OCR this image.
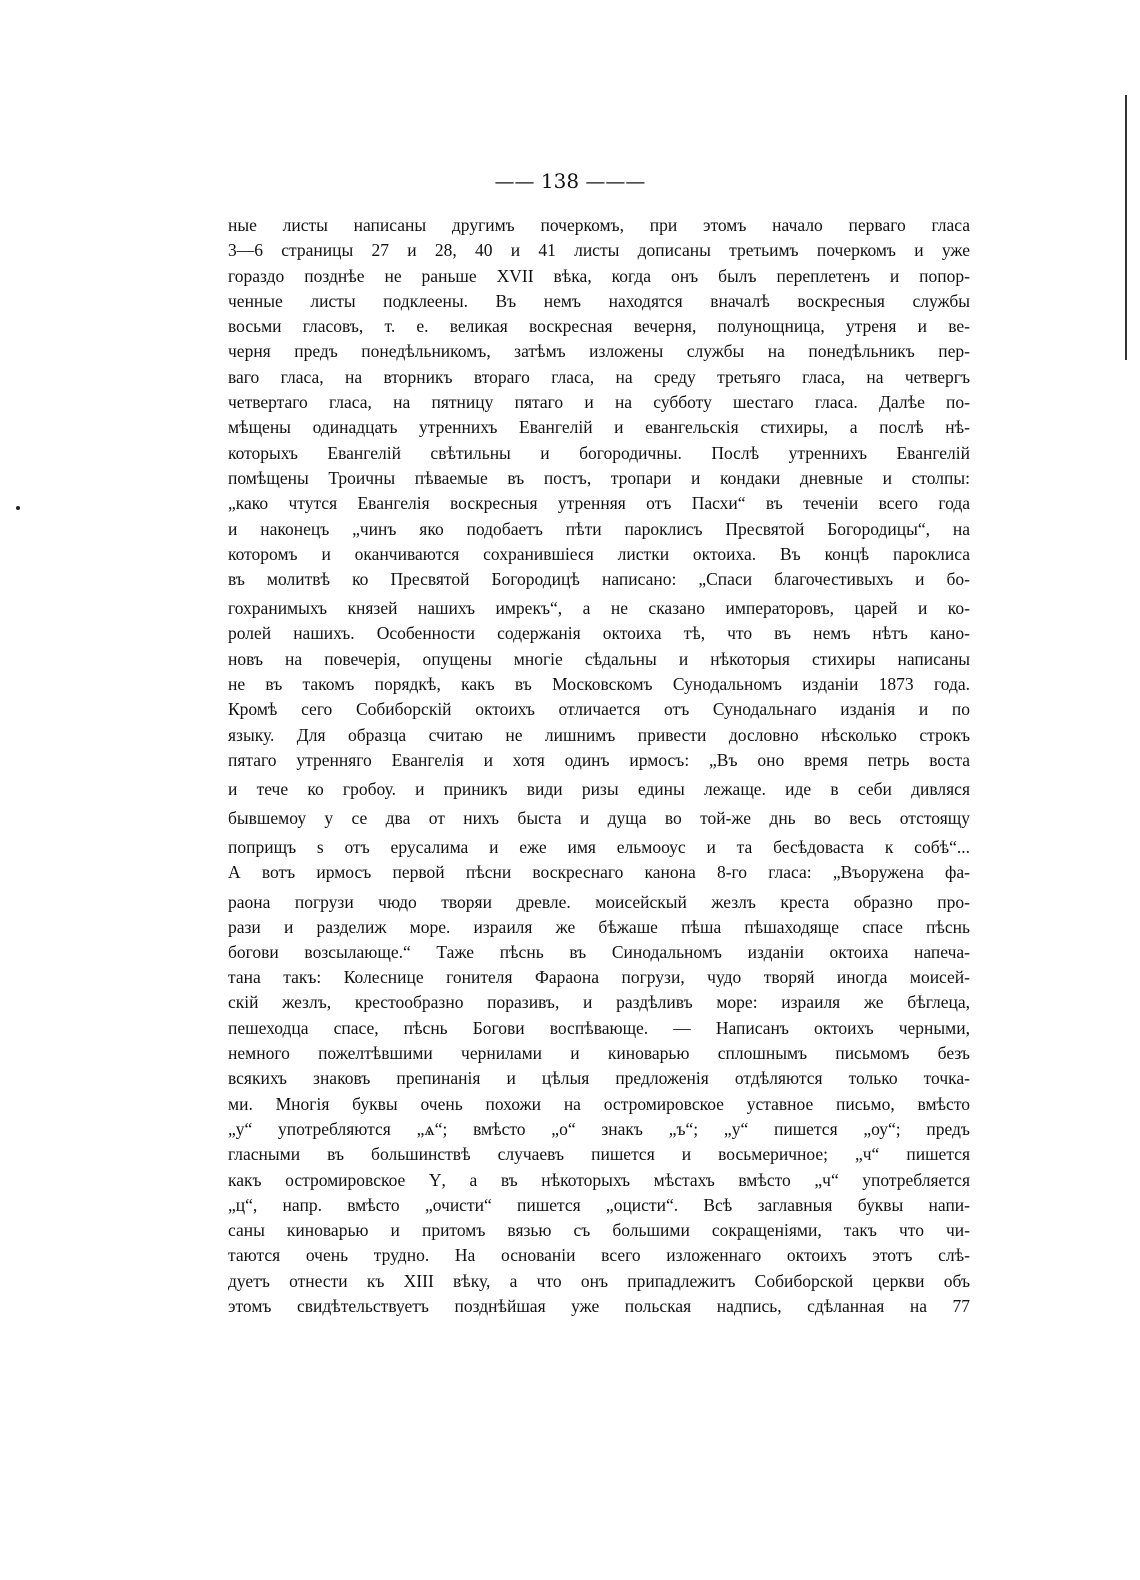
—— 138 ———
ные листы написаны другимъ почеркомъ, при этомъ начало перваго гласа
3—6 страницы 27 и 28, 40 и 41 листы дописаны третьимъ почеркомъ и уже
гораздо позднѣе не раньше XVII вѣка, когда онъ былъ переплетенъ и попор-
ченные листы подклеены. Въ немъ находятся вначалѣ воскресныя службы
восьми гласовъ, т. е. великая воскресная вечерня, полунощница, утреня и ве-
черня предъ понедѣльникомъ, затѣмъ изложены службы на понедѣльникъ пер-
ваго гласа, на вторникъ втораго гласа, на среду третьяго гласа, на четвергъ
четвертаго гласа, на пятницу пятаго и на субботу шестаго гласа. Далѣе по-
мѣщены одинадцать утреннихъ Евангелій и евангельскія стихиры, а послѣ нѣ-
которыхъ Евангелій свѣтильны и богородичны. Послѣ утреннихъ Евангелій
помѣщены Троичны пѣваемые въ постъ, тропари и кондаки дневные и столпы:
„како чтутся Евангелія воскресныя утренняя отъ Пасхи“ въ теченіи всего года
и наконецъ „чинъ яко подобаетъ пѣти пароклисъ Пресвятой Богородицы“, на
которомъ и оканчиваются сохранившіеся листки октоиха. Въ концѣ пароклиса
въ молитвѣ ко Пресвятой Богородицѣ написано: „Спаси благочестивыхъ и бо-
гохранимыхъ князей нашихъ имрекъ“, а не сказано императоровъ, царей и ко-
ролей нашихъ. Особенности содержанія октоиха тѣ, что въ немъ нѣтъ кано-
новъ на повечерія, опущены многіе сѣдальны и нѣкоторыя стихиры написаны
не въ такомъ порядкѣ, какъ въ Московскомъ Сунодальномъ изданіи 1873 года.
Кромѣ сего Собиборскій октоихъ отличается отъ Сунодальнаго изданія и по
языку. Для образца считаю не лишнимъ привести дословно нѣсколько строкъ
пятаго утренняго Евангелія и хотя одинъ ирмосъ: „Въ оно время петрь воста
и тече ко гробоу. и приникъ види ризы едины лежаще. иде в себи дивляся
бывшемоу у се два от нихъ быста и дуща во той-же днь во весь отстоящу
поприщъ ѕ отъ ерусалима и еже имя ельмооус и та бесѣдоваста к собѣ“...
А вотъ ирмосъ первой пѣсни воскреснаго канона 8-го гласа: „Въоружена фа-
раона погрузи чюдо творяи древле. моисейскый жезлъ креста образно про-
рази и разделиж море. израиля же бѣжаше пѣша пѣшаходяще спасе пѣснь
богови возсылающе.“ Таже пѣснь въ Синодальномъ изданіи октоиха напеча-
тана такъ: Колеснице гонителя Фараона погрузи, чудо творяй иногда моисей-
скій жезлъ, крестообразно поразивъ, и раздѣливъ море: израиля же бѣглеца,
пешеходца спасе, пѣснь Богови воспѣвающе. — Написанъ октоихъ черными,
немного пожелтѣвшими чернилами и киноварью сплошнымъ письмомъ безъ
всякихъ знаковъ препинанія и цѣлыя предложенія отдѣляются только точка-
ми. Многія буквы очень похожи на остромировское уставное письмо, вмѣсто
„у“ употребляются „ѧ“; вмѣсто „о“ знакъ „ъ“; „у“ пишется „оу“; предъ
гласными въ большинствѣ случаевъ пишется и восьмеричное; „ч“ пишется
какъ остромировское Ү, а въ нѣкоторыхъ мѣстахъ вмѣсто „ч“ употребляется
„ц“, напр. вмѣсто „очисти“ пишется „оцисти“. Всѣ заглавныя буквы напи-
саны киноварью и притомъ вязью съ большими сокращеніями, такъ что чи-
таются очень трудно. На основаніи всего изложеннаго октоихъ этотъ слѣ-
дуетъ отнести къ XIII вѣку, а что онъ припадлежитъ Собиборской церкви объ
этомъ свидѣтельствуетъ позднѣйшая уже польская надпись, сдѣланная на 77
